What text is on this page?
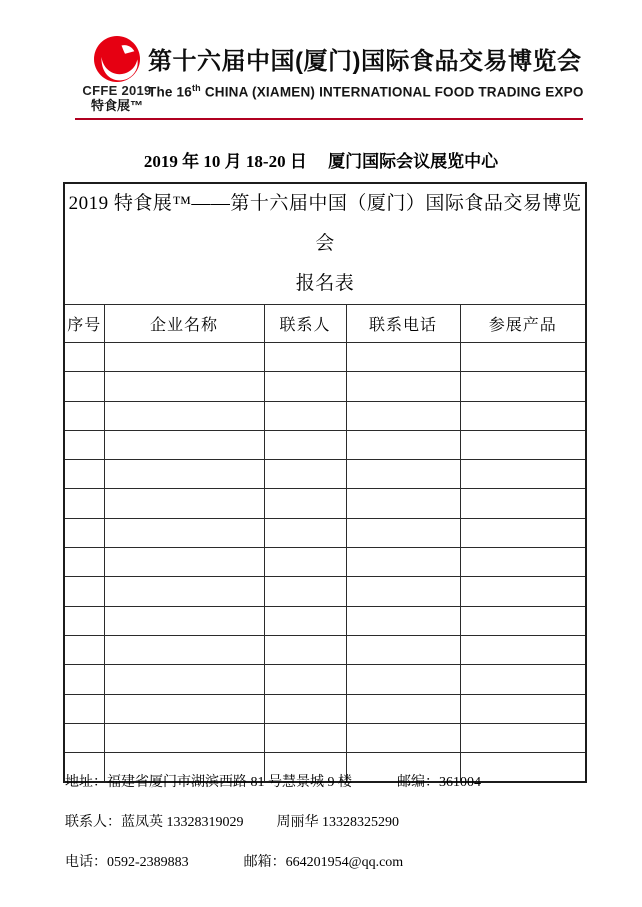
CFFE 2019
特食展™
第十六届中国(厦门)国际食品交易博览会
The 16th CHINA (XIAMEN) INTERNATIONAL FOOD TRADING EXPO
2019 年 10 月 18-20 日　 厦门国际会议展览中心
2019 特食展™——第十六届中国（厦门）国际食品交易博览会
报名表				

序号	企业名称	联系人	联系电话	参展产品

地址：福建省厦门市湖滨西路 81 号慧景城 9 楼	邮编：361004
联系人：蓝凤英 13328319029 周丽华 13328325290
电话：0592-2389883	邮箱：664201954@qq.com
